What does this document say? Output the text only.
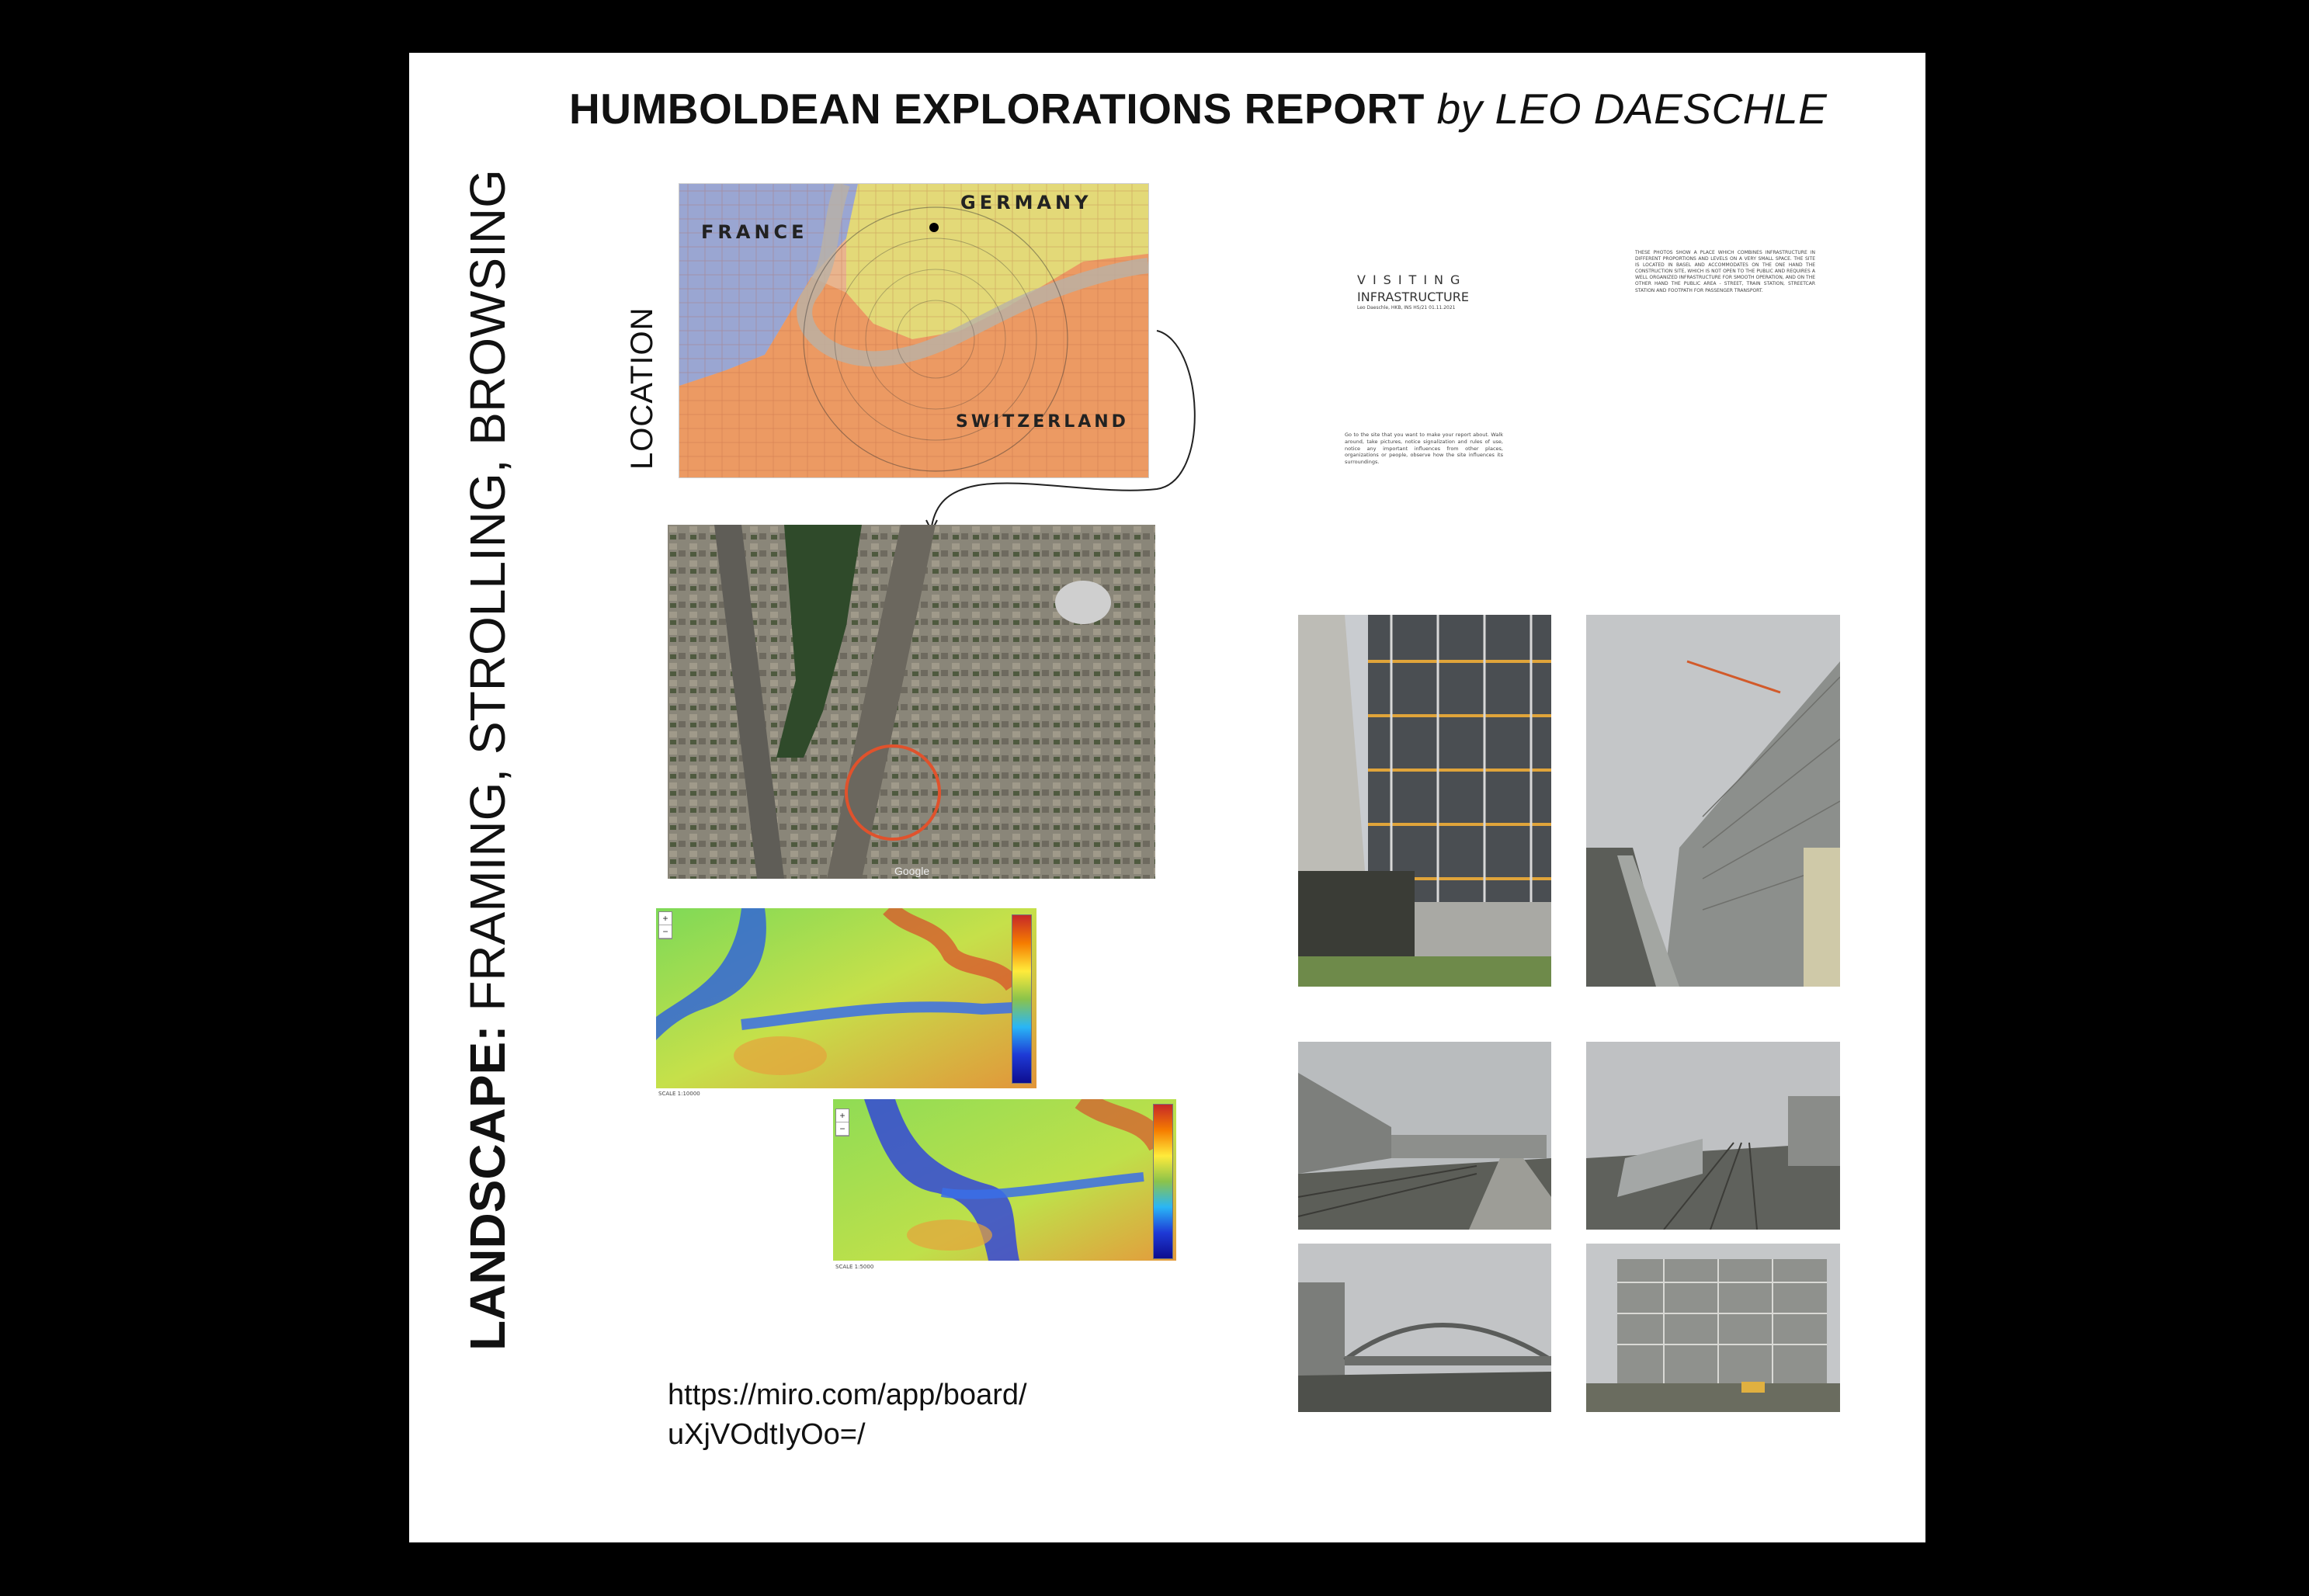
HUMBOLDEAN EXPLORATIONS REPORT by LEO DAESCHLE
LANDSCAPE: FRAMING, STROLLING, BROWSING	LOCATION
FRANCE
GERMANY
SWITZERLAND
Google
+
−
SCALE 1:10000
+
−
SCALE 1:5000
VISITING
INFRASTRUCTURE
Leo Daeschle, HKB, INS HS/21 01.11.2021
THESE PHOTOS SHOW A PLACE WHICH COMBINES INFRASTRUCTURE IN DIFFERENT PROPORTIONS AND LEVELS ON A VERY SMALL SPACE. THE SITE IS LOCATED IN BASEL AND ACCOMMODATES ON THE ONE HAND THE CONSTRUCTION SITE, WHICH IS NOT OPEN TO THE PUBLIC AND REQUIRES A WELL ORGANIZED INFRASTRUCTURE FOR SMOOTH OPERATION, AND ON THE OTHER HAND THE PUBLIC AREA - STREET, TRAIN STATION, STREETCAR STATION AND FOOTPATH FOR PASSENGER TRANSPORT.
Go to the site that you want to make your report about. Walk around, take pictures, notice signalization and rules of use, notice any important influences from other places, organizations or people, observe how the site influences its surroundings.
https://miro.com/app/board/
uXjVOdtIyOo=/
